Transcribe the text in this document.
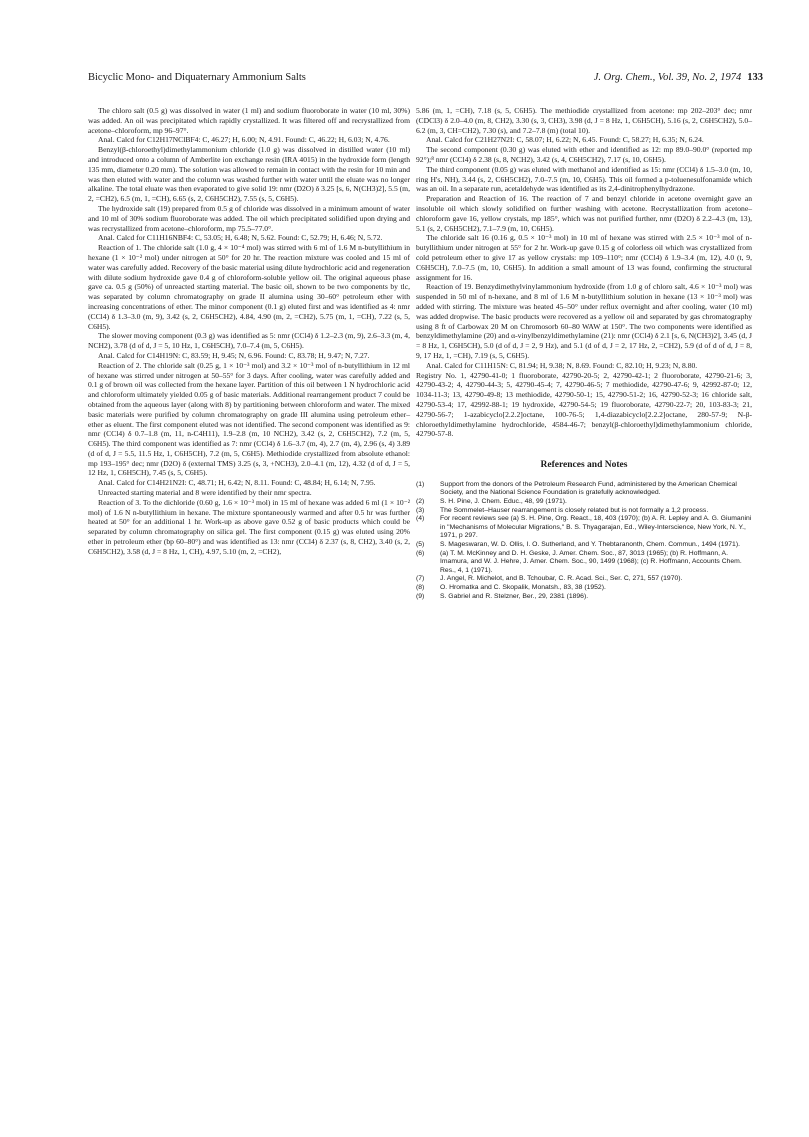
Bicyclic Mono- and Diquaternary Ammonium Salts	J. Org. Chem., Vol. 39, No. 2, 1974 133

The chloro salt (0.5 g) was dissolved in water (1 ml) and sodium fluoroborate in water (10 ml, 30%) was added. An oil was precipitated which rapidly crystallized. It was filtered off and recrystallized from acetone–chloroform, mp 96–97°.

Anal. Calcd for C12H17NClBF4: C, 46.27; H, 6.00; N, 4.91. Found: C, 46.22; H, 6.03; N, 4.76.

Benzyl(β-chloroethyl)dimethylammonium chloride (1.0 g) was dissolved in distilled water (10 ml) and introduced onto a column of Amberlite ion exchange resin (IRA 4015) in the hydroxide form (length 135 mm, diameter 0.20 mm). The solution was allowed to remain in contact with the resin for 10 min and was then eluted with water and the column was washed further with water until the eluate was no longer alkaline. The total eluate was then evaporated to give solid 19: nmr (D2O) δ 3.25 [s, 6, N(CH3)2], 5.5 (m, 2, =CH2), 6.5 (m, 1, =CH), 6.65 (s, 2, C6H5CH2), 7.55 (s, 5, C6H5).

The hydroxide salt (19) prepared from 0.5 g of chloride was dissolved in a minimum amount of water and 10 ml of 30% sodium fluoroborate was added. The oil which precipitated solidified upon drying and was recrystallized from acetone–chloroform, mp 75.5–77.0°.

Anal. Calcd for C11H16NBF4: C, 53.05; H, 6.48; N, 5.62. Found: C, 52.79; H, 6.46; N, 5.72.

Reaction of 1. The chloride salt (1.0 g, 4 × 10⁻⁴ mol) was stirred with 6 ml of 1.6 M n-butyllithium in hexane (1 × 10⁻² mol) under nitrogen at 50° for 20 hr. The reaction mixture was cooled and 15 ml of water was carefully added. Recovery of the basic material using dilute hydrochloric acid and regeneration with dilute sodium hydroxide gave 0.4 g of chloroform-soluble yellow oil. The original aqueous phase gave ca. 0.5 g (50%) of unreacted starting material. The basic oil, shown to be two components by tlc, was separated by column chromatography on grade II alumina using 30–60° petroleum ether with increasing concentrations of ether. The minor component (0.1 g) eluted first and was identified as 4: nmr (CCl4) δ 1.3–3.0 (m, 9), 3.42 (s, 2, C6H5CH2), 4.84, 4.90 (m, 2, =CH2), 5.75 (m, 1, =CH), 7.22 (s, 5, C6H5).

The slower moving component (0.3 g) was identified as 5: nmr (CCl4) δ 1.2–2.3 (m, 9), 2.6–3.3 (m, 4, NCH2), 3.78 (d of d, J = 5, 10 Hz, 1, C6H5CH), 7.0–7.4 (m, 5, C6H5).

Anal. Calcd for C14H19N: C, 83.59; H, 9.45; N, 6.96. Found: C, 83.78; H, 9.47; N, 7.27.

Reaction of 2. The chloride salt (0.25 g, 1 × 10⁻³ mol) and 3.2 × 10⁻³ mol of n-butyllithium in 12 ml of hexane was stirred under nitrogen at 50–55° for 3 days. After cooling, water was carefully added and 0.1 g of brown oil was collected from the hexane layer. Partition of this oil between 1 N hydrochloric acid and chloroform ultimately yielded 0.05 g of basic materials. Additional rearrangement product 7 could be obtained from the aqueous layer (along with 8) by partitioning between chloroform and water. The mixed basic materials were purified by column chromatography on grade III alumina using petroleum ether–ether as eluent. The first component eluted was not identified. The second component was identified as 9: nmr (CCl4) δ 0.7–1.8 (m, 11, n-C4H11), 1.9–2.8 (m, 10 NCH2), 3.42 (s, 2, C6H5CH2), 7.2 (m, 5, C6H5). The third component was identified as 7: nmr (CCl4) δ 1.6–3.7 (m, 4), 2.7 (m, 4), 2.96 (s, 4) 3.89 (d of d, J = 5.5, 11.5 Hz, 1, C6H5CH), 7.2 (m, 5, C6H5). Methiodide crystallized from absolute ethanol: mp 193–195° dec; nmr (D2O) δ (external TMS) 3.25 (s, 3, +NCH3), 2.0–4.1 (m, 12), 4.32 (d of d, J = 5, 12 Hz, 1, C6H5CH), 7.45 (s, 5, C6H5).

Anal. Calcd for C14H21N2I: C, 48.71; H, 6.42; N, 8.11. Found: C, 48.84; H, 6.14; N, 7.95.

Unreacted starting material and 8 were identified by their nmr spectra.

Reaction of 3. To the dichloride (0.60 g, 1.6 × 10⁻³ mol) in 15 ml of hexane was added 6 ml (1 × 10⁻² mol) of 1.6 N n-butyllithium in hexane. The mixture spontaneously warmed and after 0.5 hr was further heated at 50° for an additional 1 hr. Work-up as above gave 0.52 g of basic products which could be separated by column chromatography on silica gel. The first component (0.15 g) was eluted using 20% ether in petroleum ether (bp 60–80°) and was identified as 13: nmr (CCl4) δ 2.37 (s, 8, CH2), 3.40 (s, 2, C6H5CH2), 3.58 (d, J = 8 Hz, 1, CH), 4.97, 5.10 (m, 2, =CH2),

5.86 (m, 1, =CH), 7.18 (s, 5, C6H5). The methiodide crystallized from acetone: mp 202–203° dec; nmr (CDCl3) δ 2.0–4.0 (m, 8, CH2), 3.30 (s, 3, CH3), 3.98 (d, J = 8 Hz, 1, C6H5CH), 5.16 (s, 2, C6H5CH2), 5.0–6.2 (m, 3, CH=CH2), 7.30 (s), and 7.2–7.8 (m) (total 10).

Anal. Calcd for C21H27N2I: C, 58.07; H, 6.22; N, 6.45. Found: C, 58.27; H, 6.35; N, 6.24.

The second component (0.30 g) was eluted with ether and identified as 12: mp 89.0–90.0° (reported mp 92°);⁸ nmr (CCl4) δ 2.38 (s, 8, NCH2), 3.42 (s, 4, C6H5CH2), 7.17 (s, 10, C6H5).

The third component (0.05 g) was eluted with methanol and identified as 15: nmr (CCl4) δ 1.5–3.0 (m, 10, ring H's, NH), 3.44 (s, 2, C6H5CH2), 7.0–7.5 (m, 10, C6H5). This oil formed a p-toluenesulfonamide which was an oil. In a separate run, acetaldehyde was identified as its 2,4-dinitrophenylhydrazone.

Preparation and Reaction of 16. The reaction of 7 and benzyl chloride in acetone overnight gave an insoluble oil which slowly solidified on further washing with acetone. Recrystallization from acetone–chloroform gave 16, yellow crystals, mp 185°, which was not purified further, nmr (D2O) δ 2.2–4.3 (m, 13), 5.1 (s, 2, C6H5CH2), 7.1–7.9 (m, 10, C6H5).

The chloride salt 16 (0.16 g, 0.5 × 10⁻³ mol) in 10 ml of hexane was stirred with 2.5 × 10⁻³ mol of n-butyllithium under nitrogen at 55° for 2 hr. Work-up gave 0.15 g of colorless oil which was crystallized from cold petroleum ether to give 17 as yellow crystals: mp 109–110°; nmr (CCl4) δ 1.9–3.4 (m, 12), 4.0 (t, 9, C6H5CH), 7.0–7.5 (m, 10, C6H5). In addition a small amount of 13 was found, confirming the structural assignment for 16.

Reaction of 19. Benzydimethylvinylammonium hydroxide (from 1.0 g of chloro salt, 4.6 × 10⁻³ mol) was suspended in 50 ml of n-hexane, and 8 ml of 1.6 M n-butyllithium solution in hexane (13 × 10⁻³ mol) was added with stirring. The mixture was heated 45–50° under reflux overnight and after cooling, water (10 ml) was added dropwise. The basic products were recovered as a yellow oil and separated by gas chromatography using 8 ft of Carbowax 20 M on Chromosorb 60–80 WAW at 150°. The two components were identified as benzyldimethylamine (20) and α-vinylbenzyldimethylamine (21): nmr (CCl4) δ 2.1 [s, 6, N(CH3)2], 3.45 (d, J = 8 Hz, 1, C6H5CH), 5.0 (d of d, J = 2, 9 Hz), and 5.1 (d of d, J = 2, 17 Hz, 2, =CH2), 5.9 (d of d of d, J = 8, 9, 17 Hz, 1, =CH), 7.19 (s, 5, C6H5).

Anal. Calcd for C11H15N: C, 81.94; H, 9.38; N, 8.69. Found: C, 82.10; H, 9.23; N, 8.80.

Registry No. 1, 42790-41-0; 1 fluoroborate, 42790-20-5; 2, 42790-42-1; 2 fluoroborate, 42790-21-6; 3, 42790-43-2; 4, 42790-44-3; 5, 42790-45-4; 7, 42790-46-5; 7 methiodide, 42790-47-6; 9, 42992-87-0; 12, 1034-11-3; 13, 42790-49-8; 13 methiodide, 42790-50-1; 15, 42790-51-2; 16, 42790-52-3; 16 chloride salt, 42790-53-4; 17, 42992-88-1; 19 hydroxide, 42790-54-5; 19 fluoroborate, 42790-22-7; 20, 103-83-3; 21, 42790-56-7; 1-azabicyclo[2.2.2]octane, 100-76-5; 1,4-diazabicyclo[2.2.2]octane, 280-57-9; N-β-chloroethyldimethylamine hydrochloride, 4584-46-7; benzyl(β-chloroethyl)dimethylammonium chloride, 42790-57-8.

References and Notes
(1) Support from the donors of the Petroleum Research Fund, administered by the American Chemical Society, and the National Science Foundation is gratefully acknowledged.
(2) S. H. Pine, J. Chem. Educ., 48, 99 (1971).
(3) The Sommelet–Hauser rearrangement is closely related but is not formally a 1,2 process.
(4) For recent reviews see (a) S. H. Pine, Org. React., 18, 403 (1970); (b) A. R. Lepley and A. G. Giumanini in "Mechanisms of Molecular Migrations," B. S. Thyagarajan, Ed., Wiley-Interscience, New York, N. Y., 1971, p 297.
(5) S. Mageswaran, W. D. Ollis, I. O. Sutherland, and Y. Thebtaranonth, Chem. Commun., 1494 (1971).
(6) (a) T. M. McKinney and D. H. Geske, J. Amer. Chem. Soc., 87, 3013 (1965); (b) R. Hoffmann, A. Imamura, and W. J. Hehre, J. Amer. Chem. Soc., 90, 1499 (1968); (c) R. Hoffmann, Accounts Chem. Res., 4, 1 (1971).
(7) J. Angel, R. Michelot, and B. Tchoubar, C. R. Acad. Sci., Ser. C, 271, 557 (1970).
(8) O. Hromatka and C. Skopalik, Monatsh., 83, 38 (1952).
(9) S. Gabriel and R. Stelzner, Ber., 29, 2381 (1896).
